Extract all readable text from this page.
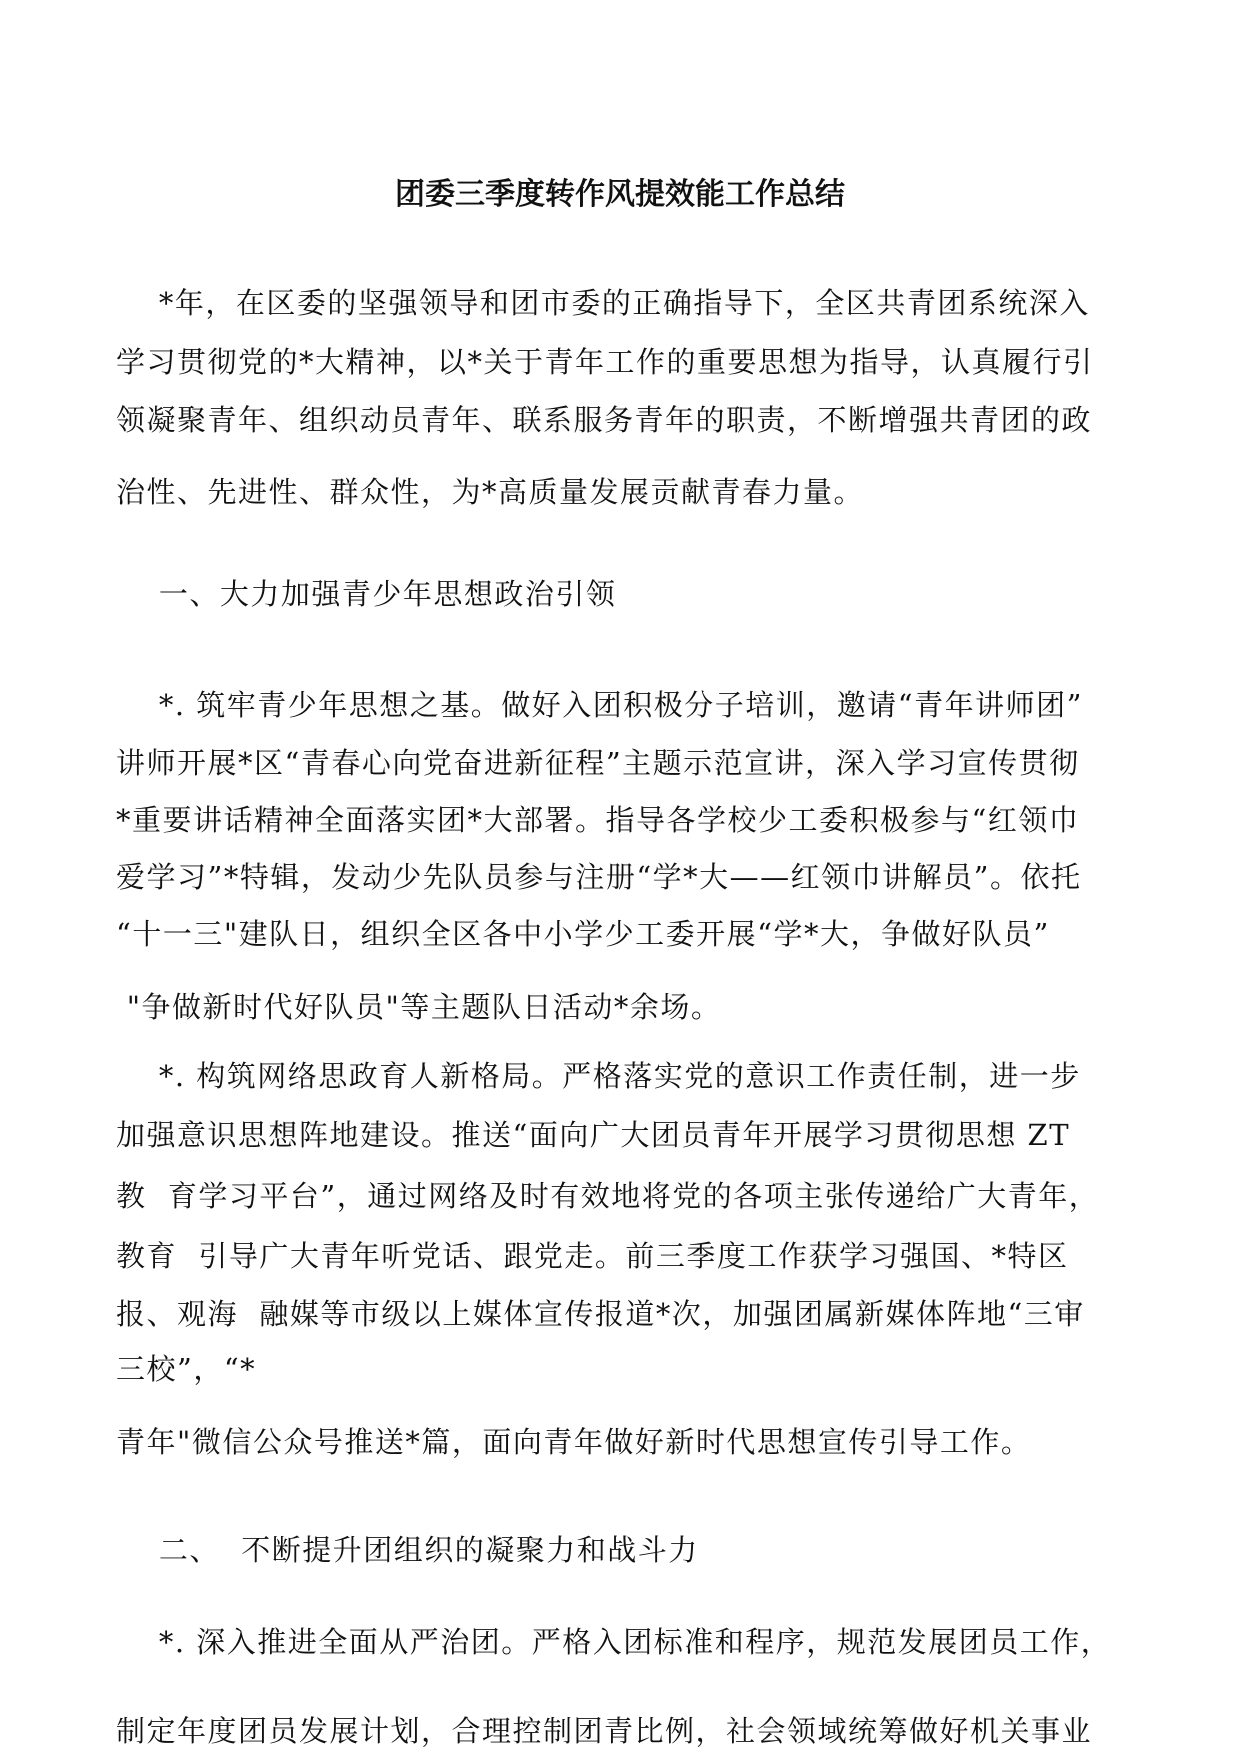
团委三季度转作风提效能工作总结

*年，在区委的坚强领导和团市委的正确指导下，全区共青团系统深入

学习贯彻党的*大精神，以*关于青年工作的重要思想为指导，认真履行引

领凝聚青年、组织动员青年、联系服务青年的职责，不断增强共青团的政

治性、先进性、群众性，为*高质量发展贡献青春力量。

一、大力加强青少年思想政治引领

*. 筑牢青少年思想之基。做好入团积极分子培训，邀请“青年讲师团”

讲师开展*区“青春心向党奋进新征程”主题示范宣讲，深入学习宣传贯彻

*重要讲话精神全面落实团*大部署。指导各学校少工委积极参与“红领巾

爱学习”*特辑，发动少先队员参与注册“学*大——红领巾讲解员”。依托

“十一三"建队日，组织全区各中小学少工委开展“学*大，争做好队员”

"争做新时代好队员"等主题队日活动*余场。

*. 构筑网络思政育人新格局。严格落实党的意识工作责任制，进一步

加强意识思想阵地建设。推送“面向广大团员青年开展学习贯彻思想 ZT

教  育学习平台”，通过网络及时有效地将党的各项主张传递给广大青年，

教育  引导广大青年听党话、跟党走。前三季度工作获学习强国、*特区

报、观海  融媒等市级以上媒体宣传报道*次，加强团属新媒体阵地“三审

三校”，“*

青年"微信公众号推送*篇，面向青年做好新时代思想宣传引导工作。

二、  不断提升团组织的凝聚力和战斗力

*. 深入推进全面从严治团。严格入团标准和程序，规范发展团员工作，

制定年度团员发展计划，合理控制团青比例，社会领域统筹做好机关事业
